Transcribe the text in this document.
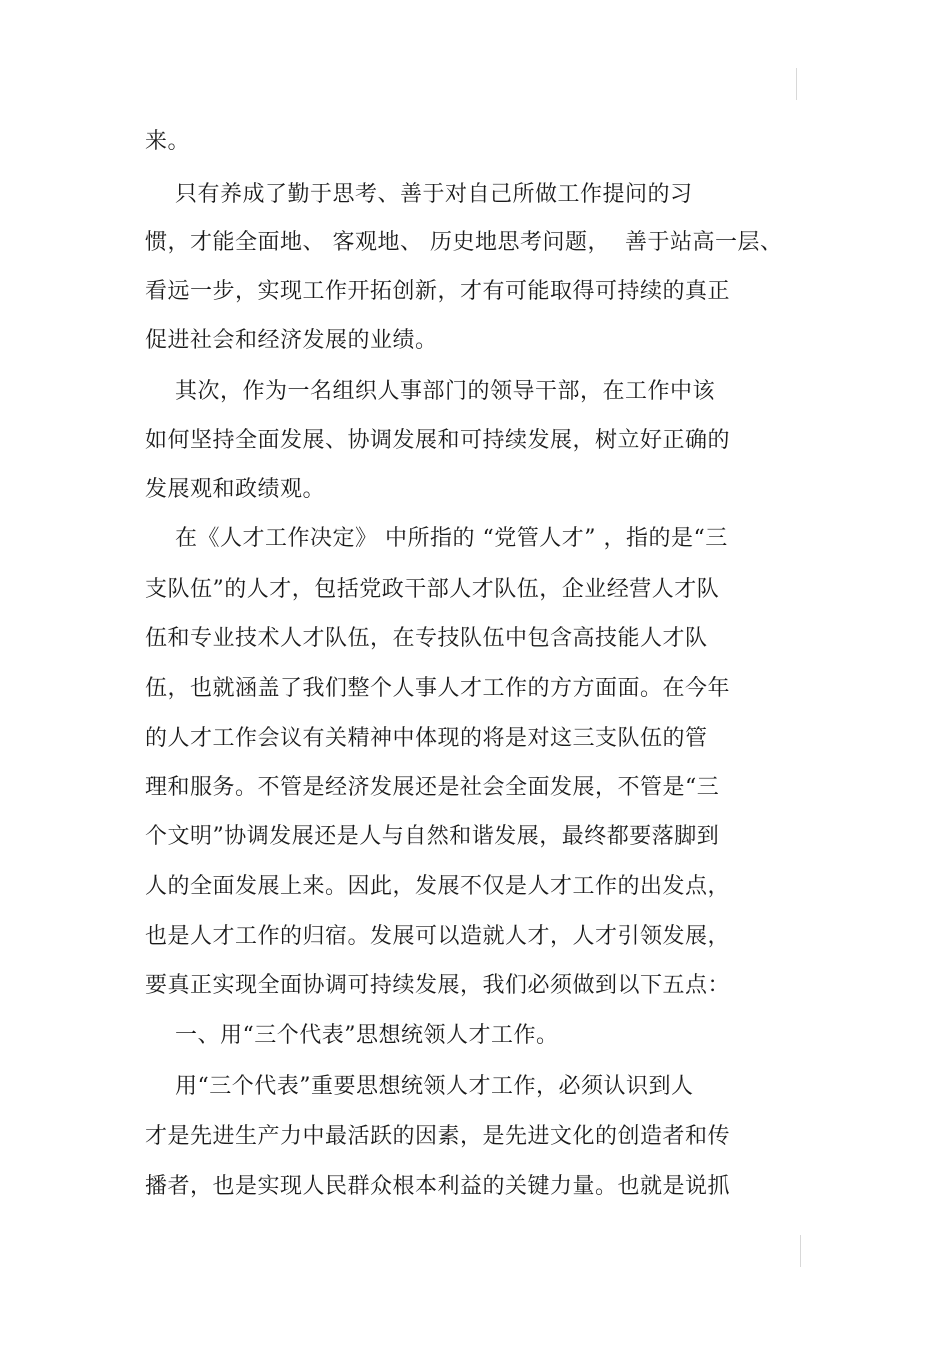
来。
只有养成了勤于思考、善于对自己所做工作提问的习
惯，才能全面地、 客观地、 历史地思考问题，  善于站高一层、
看远一步，实现工作开拓创新，才有可能取得可持续的真正
促进社会和经济发展的业绩。
其次，作为一名组织人事部门的领导干部，在工作中该
如何坚持全面发展、协调发展和可持续发展，树立好正确的
发展观和政绩观。
在《人才工作决定》 中所指的 “党管人才” ，指的是“三
支队伍”的人才，包括党政干部人才队伍，企业经营人才队
伍和专业技术人才队伍，在专技队伍中包含高技能人才队
伍，也就涵盖了我们整个人事人才工作的方方面面。在今年
的人才工作会议有关精神中体现的将是对这三支队伍的管
理和服务。不管是经济发展还是社会全面发展，不管是“三
个文明”协调发展还是人与自然和谐发展，最终都要落脚到
人的全面发展上来。因此，发展不仅是人才工作的出发点，
也是人才工作的归宿。发展可以造就人才，人才引领发展，
要真正实现全面协调可持续发展，我们必须做到以下五点：
一、用“三个代表”思想统领人才工作。
用“三个代表”重要思想统领人才工作，必须认识到人
才是先进生产力中最活跃的因素，是先进文化的创造者和传
播者，也是实现人民群众根本利益的关键力量。也就是说抓
